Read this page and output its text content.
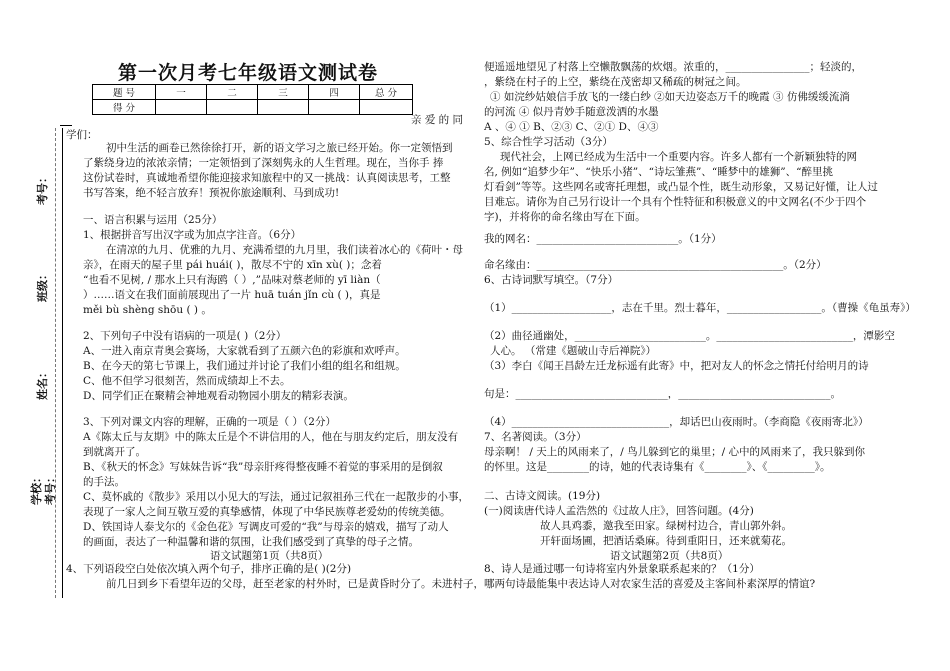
第一次月考七年级语文测试卷
题 号	一	二	三	四	总 分
得 分					
考号：
班级：
姓名：
学校： 考号：
亲 爱 的 同
学们：
初中生活的画卷已然徐徐打开，新的语文学习之旅已经开始。你一定领悟到
了紫绕身边的浓浓亲情；一定领悟到了深刻隽永的人生哲理。现在，当你手 捧
这份试卷时，真诚地希望你能迎接求知旅程中的又一挑战：认真阅读思考，工整
书写答案，绝不轻言放弃！预祝你旅途顺利、马到成功!
一、语言积累与运用（25分）
1、根据拼音写出汉字或为加点字注音。（6分）
在清凉的九月、优雅的九月、充满希望的九月里，我们读着冰心的《荷叶・母
亲》，在雨天的屋子里 pái huái( )，散尽不宁的 xīn xù( )；念着
“也看不见树, / 那水上只有海鸥（ ）,”品味对蔡老师的 yī liàn（
）……语文在我们面前展现出了一片 huā tuán jǐn cù ( )，真是
měi bù shèng shōu ( ) 。
2、下列句子中没有语病的一项是( )（2分）
A、一进入南京青奥会赛场，大家就看到了五颜六色的彩旗和欢呼声。
B、在今天的第七节课上，我们通过并讨论了我们小组的组名和组规。
C、他不但学习很刻苦，然而成绩却上不去。
D、同学们正在聚精会神地观看动物园小朋友的精彩表演。
3、下列对课文内容的理解，正确的一项是（ ）（2分）
A《陈太丘与友期》中的陈太丘是个不讲信用的人，他在与朋友约定后，朋友没有
到就离开了。
B、《秋天的怀念》写妹妹告诉“我”母亲肝疼得整夜睡不着觉的事采用的是倒叙
的手法。
C、莫怀戚的《散步》采用以小见大的写法，通过记叙祖孙三代在一起散步的小事，
表现了一家人之间互敬互爱的真挚感情，体现了中华民族尊老爱幼的传统美德。
D、铁国诗人泰戈尔的《金色花》写调皮可爱的“我”与母亲的嬉戏，描写了动人
的画面，表达了一种温馨和谐的氛围，让我们感受到了真挚的母子之情。
语文试题第1页（共8页）
4、下列语段空白处依次填入两个句子，排序正确的是( )(2分)
前几日到乡下看望年迈的父母，赶至老家的村外时，已是黄昏时分了。未进村子，
便遥遥地望见了村落上空懒散飘荡的炊烟。浓重的，________________；轻淡的，
，紫绕在村子的上空，紫绕在茂密却又稀疏的树冠之间。
① 如浣纱姑娘信手放飞的一缕白纱 ②如天边姿态万千的晚霞 ③ 仿佛缓缓流淌
的河流 ④ 似丹青妙手随意泼洒的水墨
A 、④ ① B、②③ C、②① D、④③
5、综合性学习活动（3分）
现代社会，上网已经成为生活中一个重要内容。许多人都有一个新颖独特的网
名, 例如“追梦少年”、“快乐小猪”、“诗坛雏燕”、“睡梦中的雄狮”、“醉里挑
灯看剑”等等。这些网名或寄托理想，或凸显个性，既生动形象，又易记好懂，让人过
目难忘。请你为自己另行设计一个具有个性特征和积极意义的中文网名(不少于四个
字)，并将你的命名缘由写在下面。
我的网名：___________________________。（1分）
命名缘由：_______________________________________________。（2分）
6、古诗词默写填空。（7分）
（1）___________________，志在千里。烈士暮年，__________________。（曹操《龟虽寿》）
（2）曲径通幽处，_________________________。__________________________，潭影空
人心。 （常建《题破山寺后禅院》）
（3）李白《闻王昌龄左迁龙标遥有此寄》中，把对友人的怀念之情托付给明月的诗
句是：_____________________________，_____________________________。
（4）______________________________，却话巴山夜雨时。（李商隐《夜雨寄北》）
7、名著阅读。（3分）
母亲啊！ / 天上的风雨来了，/ 鸟儿躲到它的巢里；/ 心中的风雨来了，我只躲到你
的怀里。这是________的诗，她的代表诗集有《________》、《_________》。
二、古诗文阅读。(19分)
(一)阅读唐代诗人孟浩然的《过故人庄》，回答问题。(4分)
故人具鸡黍，邀我至田家。绿树村边合，青山郭外斜。
开轩面场圃，把酒话桑麻。待到重阳日，还来就菊花。
语文试题第2页（共8页）
8、诗人是通过哪一句诗将室内外景象联系起来的？（1分）
哪两句诗最能集中表达诗人对农家生活的喜爱及主客间朴素深厚的情谊?
